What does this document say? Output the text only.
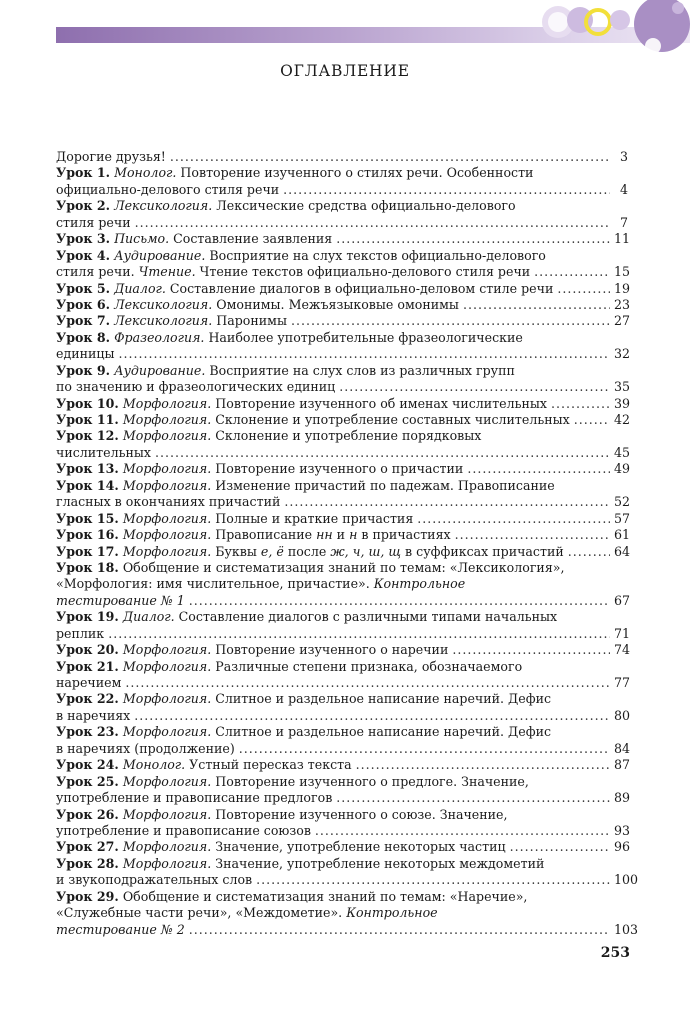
ОГЛАВЛЕНИЕ
Дорогие друзья! .....	3
Урок 1. Монолог. Повторение изученного о стилях речи. Особенности
официально-делового стиля речи .....	4
Урок 2. Лексикология. Лексические средства официально-делового
стиля речи .....	7
Урок 3. Письмо. Составление заявления .....	11
Урок 4. Аудирование. Восприятие на слух текстов официально-делового
стиля речи. Чтение. Чтение текстов официально-делового стиля речи .....	15
Урок 5. Диалог. Составление диалогов в официально-деловом стиле речи .....	19
Урок 6. Лексикология. Омонимы. Межъязыковые омонимы .....	23
Урок 7. Лексикология. Паронимы .....	27
Урок 8. Фразеология. Наиболее употребительные фразеологические
единицы .....	32
Урок 9. Аудирование. Восприятие на слух слов из различных групп
по значению и фразеологических единиц .....	35
Урок 10. Морфология. Повторение изученного об именах числительных .....	39
Урок 11. Морфология. Склонение и употребление составных числительных .....	42
Урок 12. Морфология. Склонение и употребление порядковых
числительных .....	45
Урок 13. Морфология. Повторение изученного о причастии .....	49
Урок 14. Морфология. Изменение причастий по падежам. Правописание
гласных в окончаниях причастий .....	52
Урок 15. Морфология. Полные и краткие причастия .....	57
Урок 16. Морфология. Правописание нн и н в причастиях .....	61
Урок 17. Морфология. Буквы е, ё после ж, ч, ш, щ в суффиксах причастий .....	64
Урок 18. Обобщение и систематизация знаний по темам: «Лексикология»,
«Морфология: имя числительное, причастие». Контрольное
тестирование № 1 .....	67
Урок 19. Диалог. Составление диалогов с различными типами начальных
реплик .....	71
Урок 20. Морфология. Повторение изученного о наречии .....	74
Урок 21. Морфология. Различные степени признака, обозначаемого
наречием .....	77
Урок 22. Морфология. Слитное и раздельное написание наречий. Дефис
в наречиях .....	80
Урок 23. Морфология. Слитное и раздельное написание наречий. Дефис
в наречиях (продолжение) .....	84
Урок 24. Монолог. Устный пересказ текста .....	87
Урок 25. Морфология. Повторение изученного о предлоге. Значение,
употребление и правописание предлогов .....	89
Урок 26. Морфология. Повторение изученного о союзе. Значение,
употребление и правописание союзов .....	93
Урок 27. Морфология. Значение, употребление некоторых частиц .....	96
Урок 28. Морфология. Значение, употребление некоторых междометий
и звукоподражательных слов .....	100
Урок 29. Обобщение и систематизация знаний по темам: «Наречие»,
«Служебные части речи», «Междометие». Контрольное
тестирование № 2 .....	103
253
